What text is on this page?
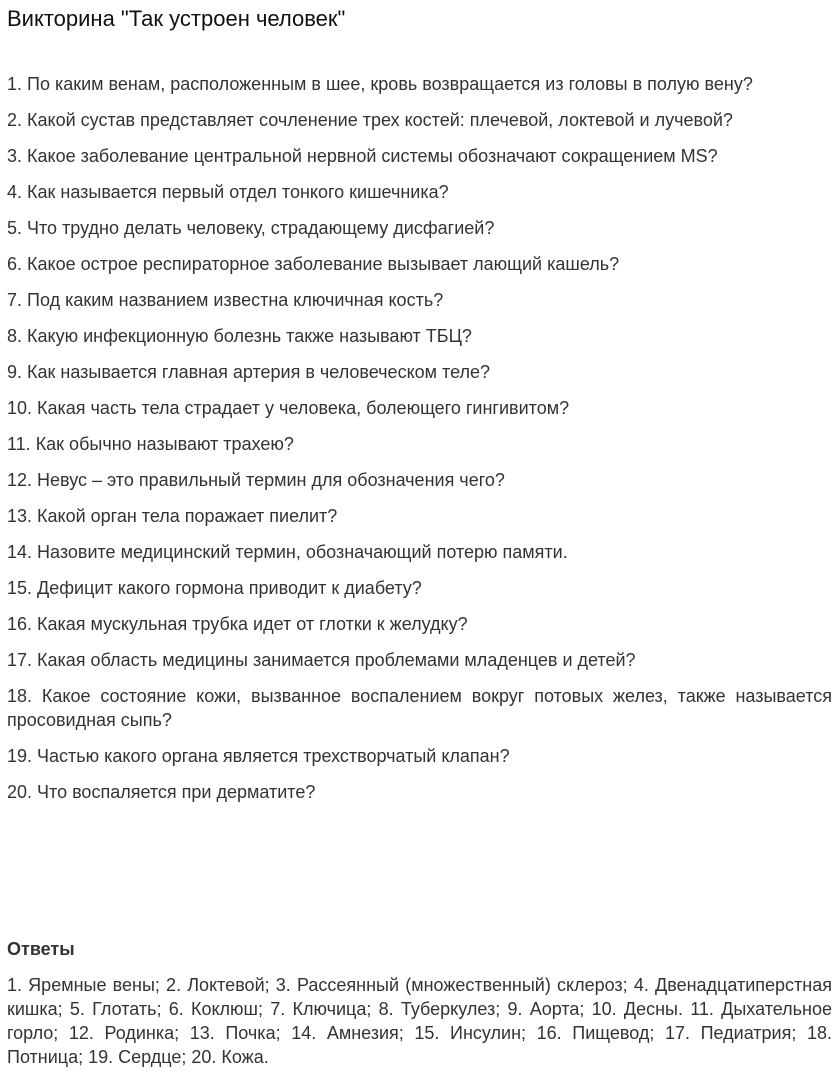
Викторина "Так устроен человек"
1. По каким венам, расположенным в шее, кровь возвращается из головы в полую вену?
2. Какой сустав представляет сочленение трех костей: плечевой, локтевой и лучевой?
3. Какое заболевание центральной нервной системы обозначают сокращением MS?
4. Как называется первый отдел тонкого кишечника?
5. Что трудно делать человеку, страдающему дисфагией?
6. Какое острое респираторное заболевание вызывает лающий кашель?
7. Под каким названием известна ключичная кость?
8. Какую инфекционную болезнь также называют ТБЦ?
9. Как называется главная артерия в человеческом теле?
10. Какая часть тела страдает у человека, болеющего гингивитом?
11. Как обычно называют трахею?
12. Невус – это правильный термин для обозначения чего?
13. Какой орган тела поражает пиелит?
14. Назовите медицинский термин, обозначающий потерю памяти.
15. Дефицит какого гормона приводит к диабету?
16. Какая мускульная трубка идет от глотки к желудку?
17. Какая область медицины занимается проблемами младенцев и детей?
18. Какое состояние кожи, вызванное воспалением вокруг потовых желез, также называется просовидная сыпь?
19. Частью какого органа является трехстворчатый клапан?
20. Что воспаляется при дерматите?
Ответы

1. Яремные вены; 2. Локтевой; 3. Рассеянный (множественный) склероз; 4. Двенадцатиперстная кишка; 5. Глотать; 6. Коклюш; 7. Ключица; 8. Туберкулез; 9. Аорта; 10. Десны. 11. Дыхательное горло; 12. Родинка; 13. Почка; 14. Амнезия; 15. Инсулин; 16. Пищевод; 17. Педиатрия; 18. Потница; 19. Сердце; 20. Кожа.
